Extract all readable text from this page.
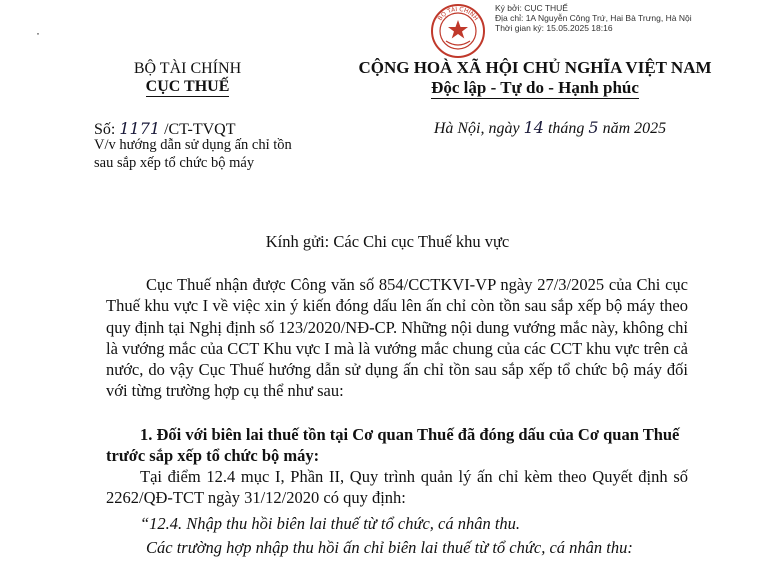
BỘ TÀI CHÍNH
Ký bởi: CỤC THUẾ
Địa chỉ: 1A Nguyễn Công Trứ, Hai Bà Trưng, Hà Nội
Thời gian ký: 15.05.2025 18:16
·
BỘ TÀI CHÍNH
CỤC THUẾ
CỘNG HOÀ XÃ HỘI CHỦ NGHĨA VIỆT NAM
Độc lập - Tự do - Hạnh phúc
Số: 1171 /CT-TVQT
V/v hướng dẫn sử dụng ấn chỉ tồn sau sắp xếp tổ chức bộ máy
Hà Nội, ngày 14 tháng 5 năm 2025
Kính gửi: Các Chi cục Thuế khu vực
Cục Thuế nhận được Công văn số 854/CCTKVI-VP ngày 27/3/2025 của Chi cục Thuế khu vực I về việc xin ý kiến đóng dấu lên ấn chỉ còn tồn sau sắp xếp bộ máy theo quy định tại Nghị định số 123/2020/NĐ-CP. Những nội dung vướng mắc này, không chỉ là vướng mắc của CCT Khu vực I mà là vướng mắc chung của các CCT khu vực trên cả nước, do vậy Cục Thuế hướng dẫn sử dụng ấn chỉ tồn sau sắp xếp tổ chức bộ máy đối với từng trường hợp cụ thể như sau:
1. Đối với biên lai thuế tồn tại Cơ quan Thuế đã đóng dấu của Cơ quan Thuế trước sắp xếp tổ chức bộ máy:
Tại điểm 12.4 mục I, Phần II, Quy trình quản lý ấn chỉ kèm theo Quyết định số 2262/QĐ-TCT ngày 31/12/2020 có quy định:
“12.4. Nhập thu hồi biên lai thuế từ tổ chức, cá nhân thu.
Các trường hợp nhập thu hồi ấn chỉ biên lai thuế từ tổ chức, cá nhân thu:
